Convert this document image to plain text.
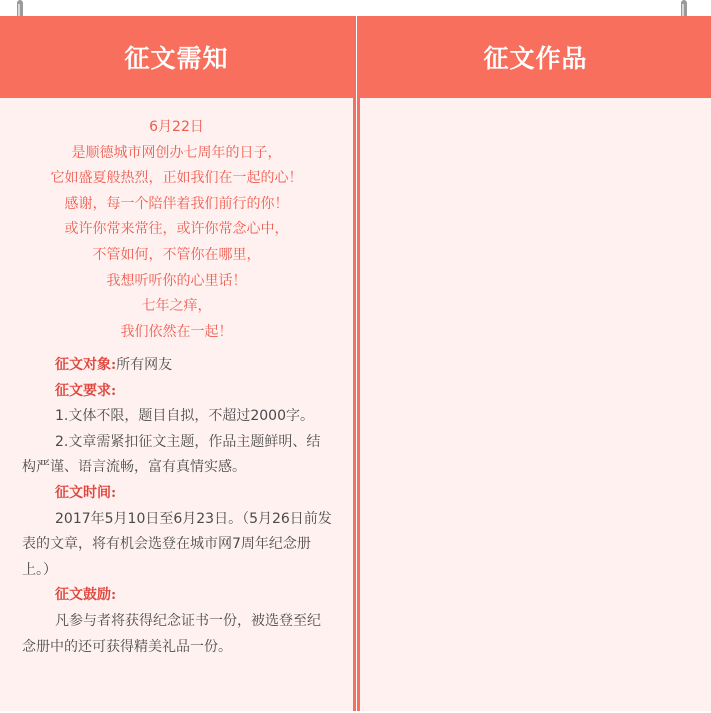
征文需知
6月22日
是顺德城市网创办七周年的日子，
它如盛夏般热烈，正如我们在一起的心！
感谢，每一个陪伴着我们前行的你！
或许你常来常往，或许你常念心中，
不管如何，不管你在哪里，
我想听听你的心里话！
七年之痒，
我们依然在一起！

征文对象:所有网友

征文要求:

1.文体不限，题目自拟，不超过2000字。

2.文章需紧扣征文主题，作品主题鲜明、结构严谨、语言流畅，富有真情实感。

征文时间:

2017年5月10日至6月23日。（5月26日前发表的文章，将有机会选登在城市网7周年纪念册上。）

征文鼓励:

凡参与者将获得纪念证书一份，被选登至纪念册中的还可获得精美礼品一份。

征文作品
